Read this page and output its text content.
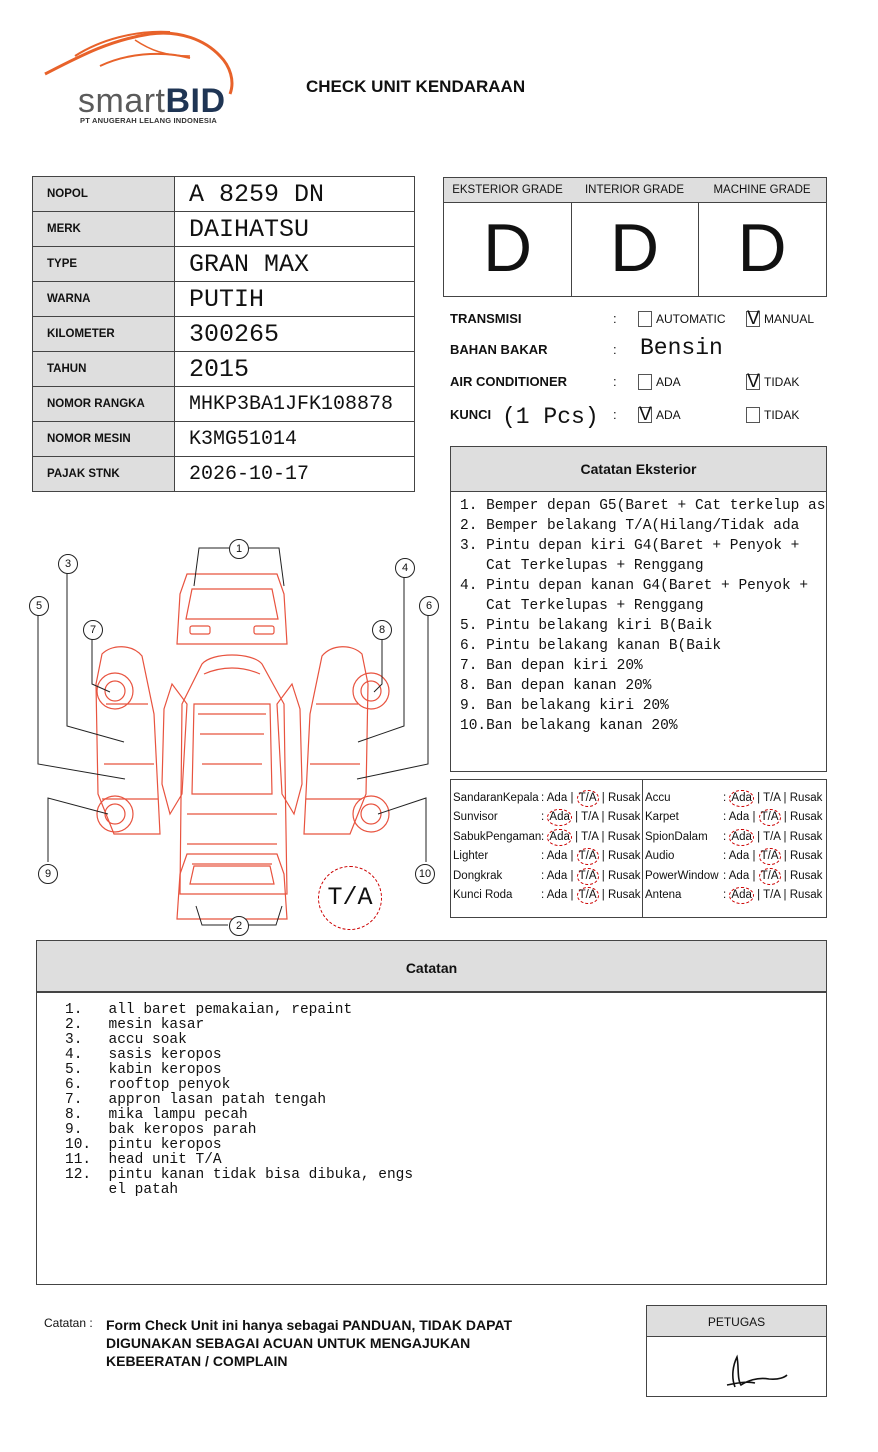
smartBID
PT ANUGERAH LELANG INDONESIA
CHECK UNIT KENDARAAN
NOPOL	A 8259 DN
MERK	DAIHATSU
TYPE	GRAN MAX
WARNA	PUTIH
KILOMETER	300265
TAHUN	2015
NOMOR RANGKA	MHKP3BA1JFK108878
NOMOR MESIN	K3MG51014
PAJAK STNK	2026-10-17
EKSTERIOR GRADE
D
INTERIOR GRADE
D
MACHINE GRADE
D
TRANSMISI	:	AUTOMATIC V MANUAL
BAHAN BAKAR	: Bensin
AIR CONDITIONER	:	ADA	V TIDAK
KUNCI (1 Pcs) : V ADA	TIDAK
Catatan Eksterior
1. Bemper depan G5(Baret + Cat terkelup as
2. Bemper belakang T/A(Hilang/Tidak ada
3. Pintu depan kiri G4(Baret + Penyok + Cat Terkelupas + Renggang
4. Pintu depan kanan G4(Baret + Penyok + Cat Terkelupas + Renggang
5. Pintu belakang kiri B(Baik
6. Pintu belakang kanan B(Baik
7. Ban depan kiri 20%
8. Ban depan kanan 20%
9. Ban belakang kiri 20%
10.Ban belakang kanan 20%
SandaranKepala : Ada | T/A | Rusak
Sunvisor	: Ada | T/A | Rusak
SabukPengaman : Ada | T/A | Rusak
Lighter	: Ada | T/A | Rusak
Dongkrak	: Ada | T/A | Rusak
Kunci Roda : Ada | T/A | Rusak
Accu	: Ada | T/A | Rusak
Karpet	: Ada | T/A | Rusak
SpionDalam : Ada | T/A | Rusak
Audio	: Ada | T/A | Rusak
PowerWindow : Ada | T/A | Rusak
Antena	: Ada | T/A | Rusak
1
2
3	4
5	6
7	8
9	10
T/A
Catatan
1.   all baret pemakaian, repaint
2.   mesin kasar
3.   accu soak
4.   sasis keropos
5.   kabin keropos
6.   rooftop penyok
7.   appron lasan patah tengah
8.   mika lampu pecah
9.   bak keropos parah
10.  pintu keropos
11.  head unit T/A
12.  pintu kanan tidak bisa dibuka, engs
el patah
Catatan : Form Check Unit ini hanya sebagai PANDUAN, TIDAK DAPAT DIGUNAKAN SEBAGAI ACUAN UNTUK MENGAJUKAN KEBEERATAN / COMPLAIN
PETUGAS
